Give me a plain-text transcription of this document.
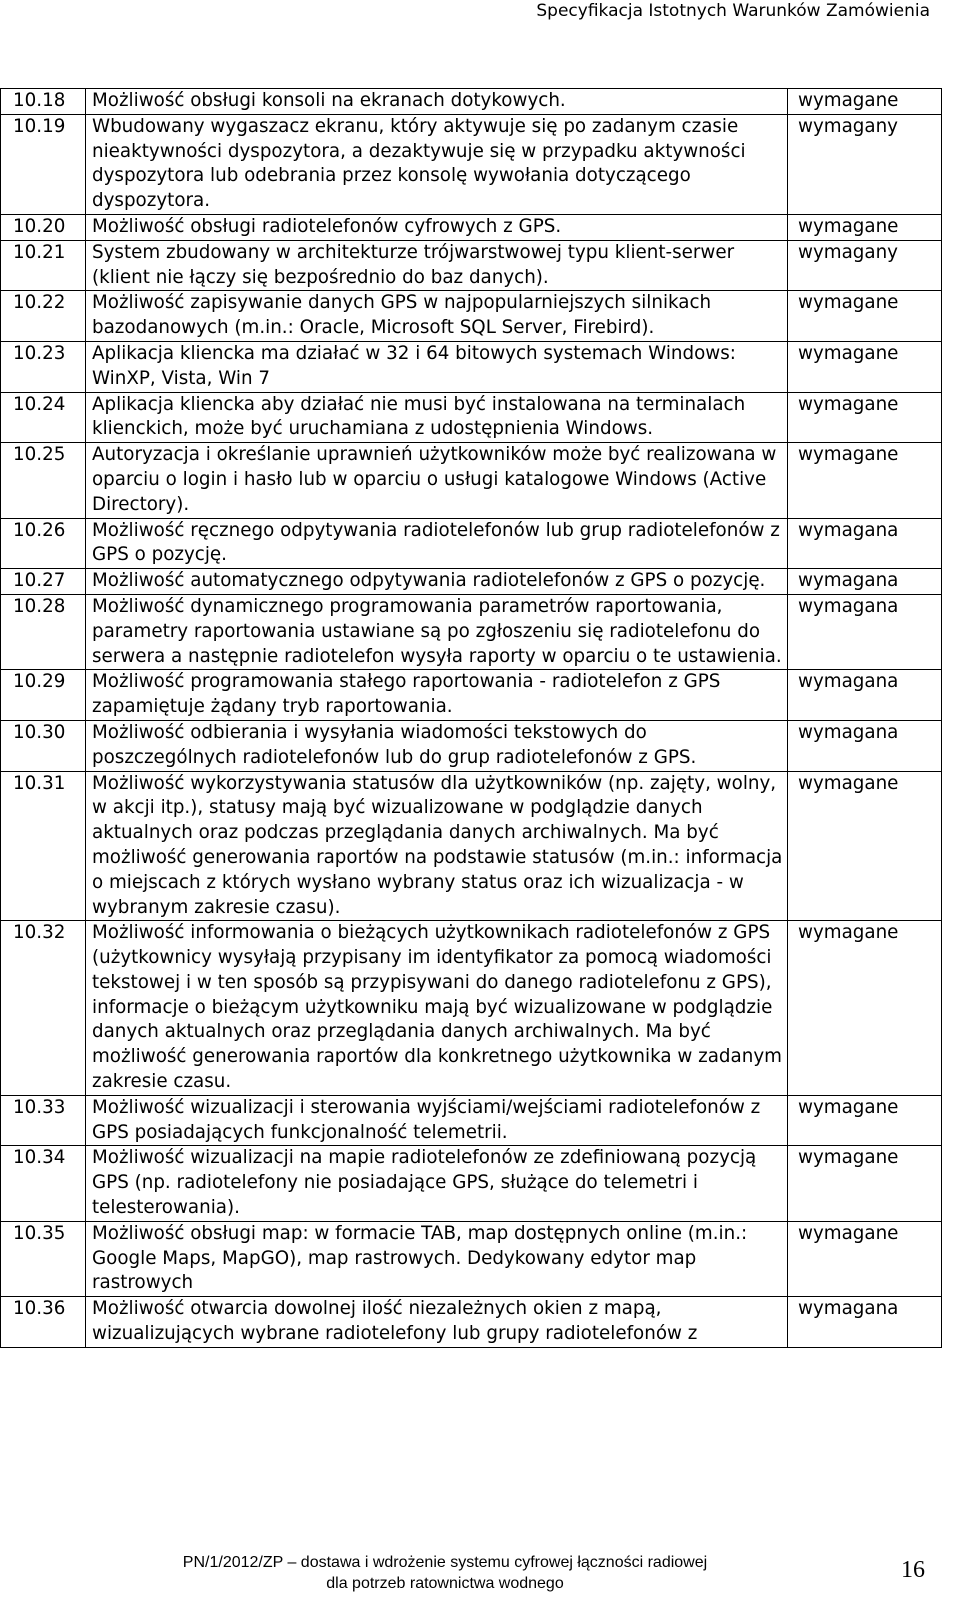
Specyfikacja Istotnych Warunków Zamówienia
10.18	Możliwość obsługi konsoli na ekranach dotykowych.	wymagane
10.19	Wbudowany wygaszacz ekranu, który aktywuje się po zadanym czasie nieaktywności dyspozytora, a dezaktywuje się w przypadku aktywności dyspozytora lub odebrania przez konsolę wywołania dotyczącego dyspozytora.	wymagany
10.20	Możliwość obsługi radiotelefonów cyfrowych z GPS.	wymagane
10.21	System zbudowany w architekturze trójwarstwowej typu klient-serwer (klient nie łączy się bezpośrednio do baz danych).	wymagany
10.22	Możliwość zapisywanie danych GPS w najpopularniejszych silnikach bazodanowych (m.in.: Oracle, Microsoft SQL Server, Firebird).	wymagane
10.23	Aplikacja kliencka ma działać w 32 i 64 bitowych systemach Windows: WinXP, Vista, Win 7	wymagane
10.24	Aplikacja kliencka aby działać nie musi być instalowana na terminalach klienckich, może być uruchamiana z udostępnienia Windows.	wymagane
10.25	Autoryzacja i określanie uprawnień użytkowników może być realizowana w oparciu o login i hasło lub w oparciu o usługi katalogowe Windows (Active Directory).	wymagane
10.26	Możliwość ręcznego odpytywania radiotelefonów lub grup radiotelefonów z GPS o pozycję.	wymagana
10.27	Możliwość automatycznego odpytywania radiotelefonów z GPS o pozycję.	wymagana
10.28	Możliwość dynamicznego programowania parametrów raportowania, parametry raportowania ustawiane są po zgłoszeniu się radiotelefonu do serwera a następnie radiotelefon wysyła raporty w oparciu o te ustawienia.	wymagana
10.29	Możliwość programowania stałego raportowania - radiotelefon z GPS zapamiętuje żądany tryb raportowania.	wymagana
10.30	Możliwość odbierania i wysyłania wiadomości tekstowych do poszczególnych radiotelefonów lub do grup radiotelefonów z GPS.	wymagana
10.31	Możliwość wykorzystywania statusów dla użytkowników (np. zajęty, wolny, w akcji itp.), statusy mają być wizualizowane w podglądzie danych aktualnych oraz podczas przeglądania danych archiwalnych. Ma być możliwość generowania raportów na podstawie statusów (m.in.: informacja o miejscach z których wysłano wybrany status oraz ich wizualizacja - w wybranym zakresie czasu).	wymagane
10.32	Możliwość informowania o bieżących użytkownikach radiotelefonów z GPS (użytkownicy wysyłają przypisany im identyfikator za pomocą wiadomości tekstowej i w ten sposób są przypisywani do danego radiotelefonu z GPS), informacje o bieżącym użytkowniku mają być wizualizowane w podglądzie danych aktualnych oraz przeglądania danych archiwalnych. Ma być możliwość generowania raportów dla konkretnego użytkownika w zadanym zakresie czasu.	wymagane
10.33	Możliwość wizualizacji i sterowania wyjściami/wejściami radiotelefonów z GPS posiadających funkcjonalność telemetrii.	wymagane
10.34	Możliwość wizualizacji na mapie radiotelefonów ze zdefiniowaną pozycją GPS (np. radiotelefony nie posiadające GPS, służące do telemetri i telesterowania).	wymagane
10.35	Możliwość obsługi map: w formacie TAB, map dostępnych online (m.in.: Google Maps, MapGO), map rastrowych. Dedykowany edytor map rastrowych	wymagane
10.36	Możliwość otwarcia dowolnej ilość niezależnych okien z mapą, wizualizujących wybrane radiotelefony lub grupy radiotelefonów z	wymagana
PN/1/2012/ZP – dostawa i wdrożenie systemu cyfrowej łączności radiowej
dla potrzeb ratownictwa wodnego
16
